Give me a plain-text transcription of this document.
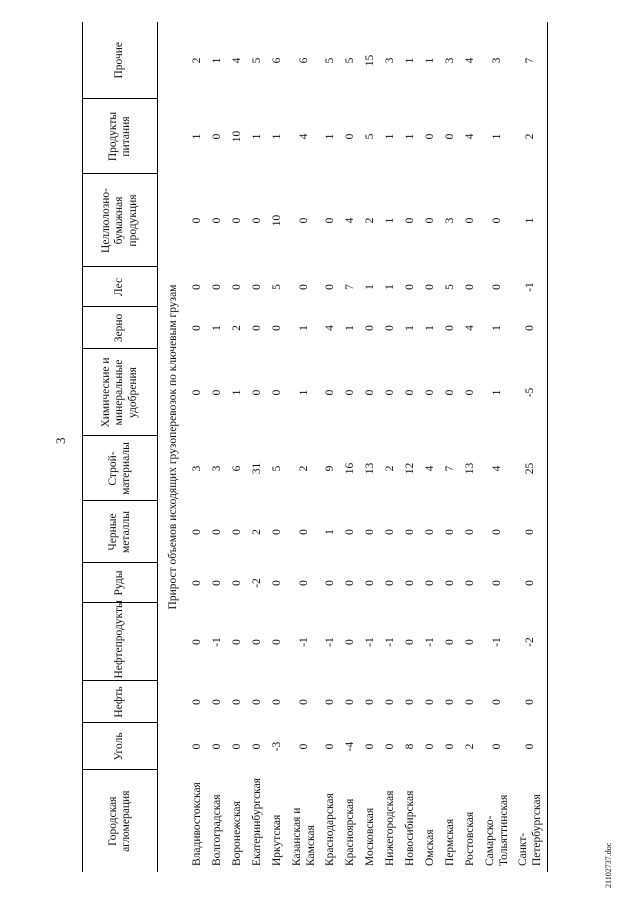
3
Городская агломерация	Уголь	Нефть	Нефтепродукты	Руды	Черные металлы	Строй-материалы	Химические и минеральные удобрения	Зерно	Лес	Целлюлозно-бумажная продукция	Продукты питания	Прочие
Прирост объемов исходящих грузоперевозок по ключевым грузам												
Владивостокская	0	0	0	0	0	3	0	0	0	0	1	2
Волгоградская	0	0	-1	0	0	3	0	1	0	0	0	1
Воронежская	0	0	0	0	0	6	1	2	0	0	10	4
Екатеринбургская	0	0	0	-2	2	31	0	0	0	0	1	5
Иркутская	-3	0	0	0	0	5	0	0	5	10	1	6
Казанская и Камская	0	0	-1	0	0	2	1	1	0	0	4	6
Краснодарская	0	0	-1	0	1	9	0	4	0	0	1	5
Красноярская	-4	0	0	0	0	16	0	1	7	4	0	5
Московская	0	0	-1	0	0	13	0	0	1	2	5	15
Нижегородская	0	0	-1	0	0	2	0	0	1	1	1	3
Новосибирская	8	0	0	0	0	12	0	1	0	0	1	1
Омская	0	0	-1	0	0	4	0	1	0	0	0	1
Пермская	0	0	0	0	0	7	0	0	5	3	0	3
Ростовская	2	0	0	0	0	13	0	4	0	0	4	4
Самарско-Тольяттинская	0	0	-1	0	0	4	1	1	0	0	1	3
Санкт-Петербургская	0	0	-2	0	0	25	-5	0	-1	1	2	7
21102737.doc
